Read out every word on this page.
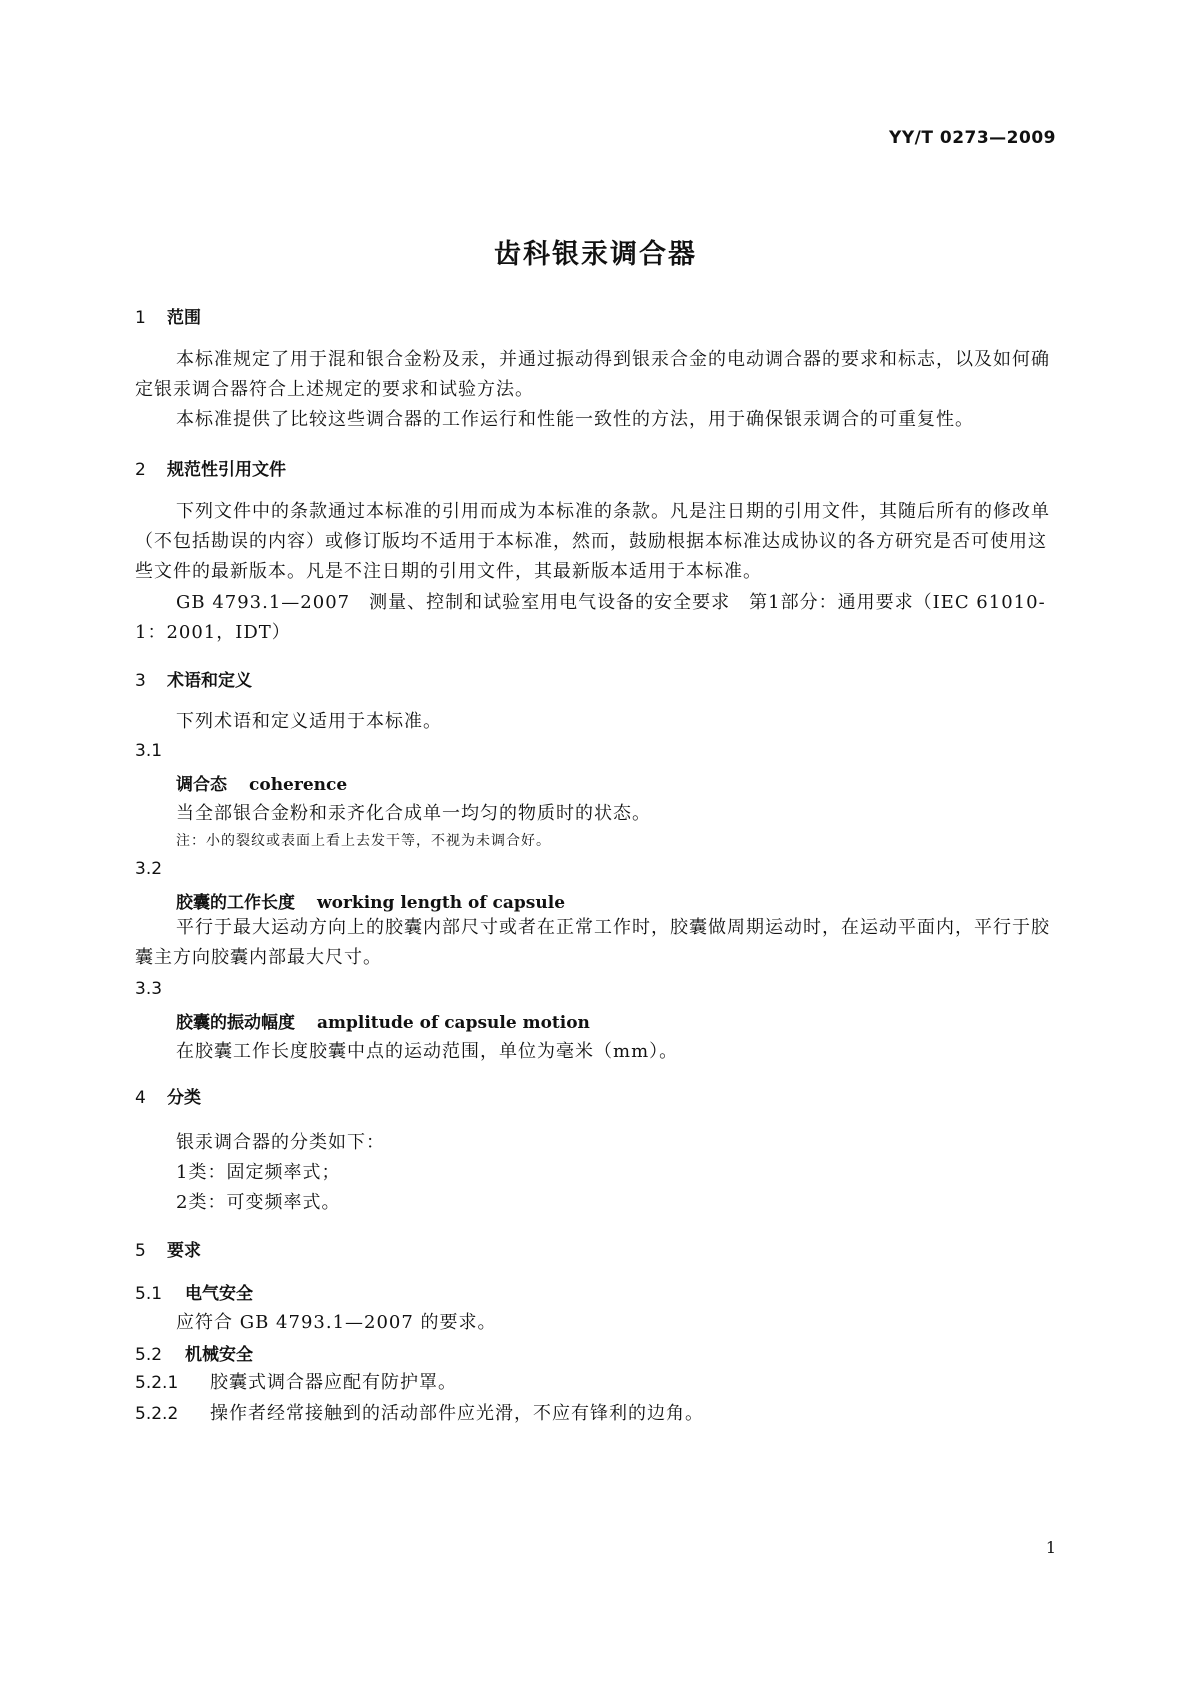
YY/T 0273—2009
齿科银汞调合器
1 范围
本标准规定了用于混和银合金粉及汞，并通过振动得到银汞合金的电动调合器的要求和标志，以及如何确定银汞调合器符合上述规定的要求和试验方法。
本标准提供了比较这些调合器的工作运行和性能一致性的方法，用于确保银汞调合的可重复性。
2 规范性引用文件
下列文件中的条款通过本标准的引用而成为本标准的条款。凡是注日期的引用文件，其随后所有的修改单（不包括勘误的内容）或修订版均不适用于本标准，然而，鼓励根据本标准达成协议的各方研究是否可使用这些文件的最新版本。凡是不注日期的引用文件，其最新版本适用于本标准。
GB 4793.1—2007　测量、控制和试验室用电气设备的安全要求　第1部分：通用要求（IEC 61010-1：2001，IDT）
3 术语和定义
下列术语和定义适用于本标准。
3.1
调合态 coherence
当全部银合金粉和汞齐化合成单一均匀的物质时的状态。
注：小的裂纹或表面上看上去发干等，不视为未调合好。
3.2
胶囊的工作长度 working length of capsule
平行于最大运动方向上的胶囊内部尺寸或者在正常工作时，胶囊做周期运动时，在运动平面内，平行于胶囊主方向胶囊内部最大尺寸。
3.3
胶囊的振动幅度 amplitude of capsule motion
在胶囊工作长度胶囊中点的运动范围，单位为毫米（mm）。
4 分类
银汞调合器的分类如下：
1类：固定频率式；
2类：可变频率式。
5 要求
5.1 电气安全
应符合 GB 4793.1—2007 的要求。
5.2 机械安全
5.2.1 胶囊式调合器应配有防护罩。
5.2.2 操作者经常接触到的活动部件应光滑，不应有锋利的边角。
1
